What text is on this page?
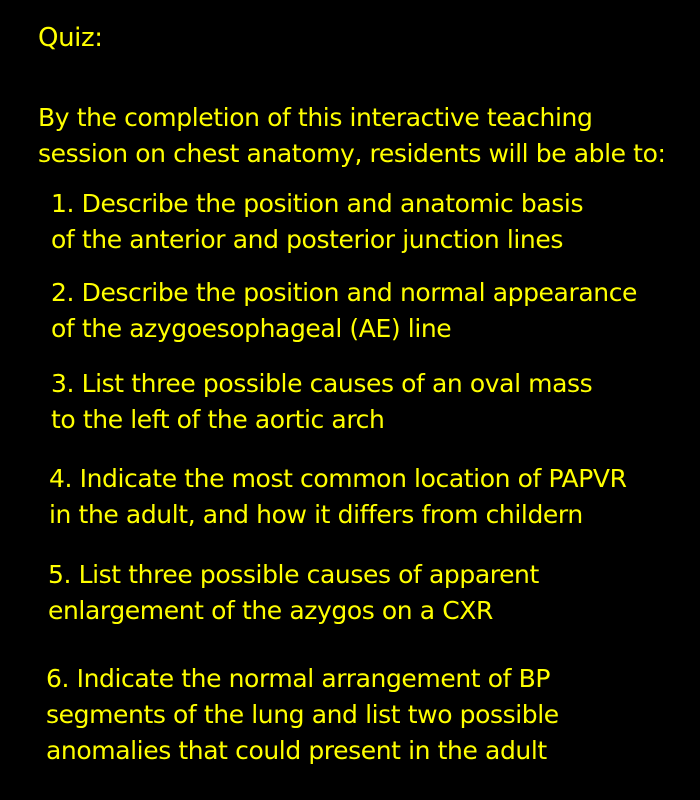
Quiz:
By the completion of this interactive teaching
session on chest anatomy, residents will be able to:
1. Describe the position and anatomic basis
of the anterior and posterior junction lines
2. Describe the position and normal appearance
of the azygoesophageal (AE) line
3. List three possible causes of an oval mass
to the left of the aortic arch
4. Indicate the most common location of PAPVR
in the adult, and how it differs from childern
5. List three possible causes of apparent
enlargement of the azygos on a CXR
6. Indicate the normal arrangement of BP
segments of the lung and list two possible
anomalies that could present in the adult
